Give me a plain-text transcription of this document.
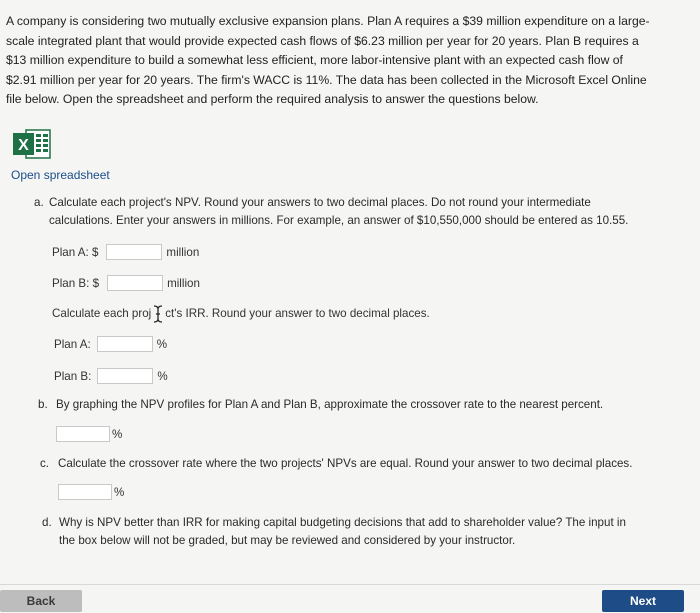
A company is considering two mutually exclusive expansion plans. Plan A requires a $39 million expenditure on a large-
scale integrated plant that would provide expected cash flows of $6.23 million per year for 20 years. Plan B requires a
$13 million expenditure to build a somewhat less efficient, more labor-intensive plant with an expected cash flow of
$2.91 million per year for 20 years. The firm's WACC is 11%. The data has been collected in the Microsoft Excel Online
file below. Open the spreadsheet and perform the required analysis to answer the questions below.
X
Open spreadsheet
a. Calculate each project's NPV. Round your answers to two decimal places. Do not round your intermediate
calculations. Enter your answers in millions. For example, an answer of $10,550,000 should be entered as 10.55.
Plan A: $	million
Plan B: $	million
Calculate each proj ct's IRR. Round your answer to two decimal places.
Plan A:	%
Plan B:	%
b. By graphing the NPV profiles for Plan A and Plan B, approximate the crossover rate to the nearest percent.
%
c. Calculate the crossover rate where the two projects' NPVs are equal. Round your answer to two decimal places.
%
d. Why is NPV better than IRR for making capital budgeting decisions that add to shareholder value? The input in
the box below will not be graded, but may be reviewed and considered by your instructor.
Back	Next
